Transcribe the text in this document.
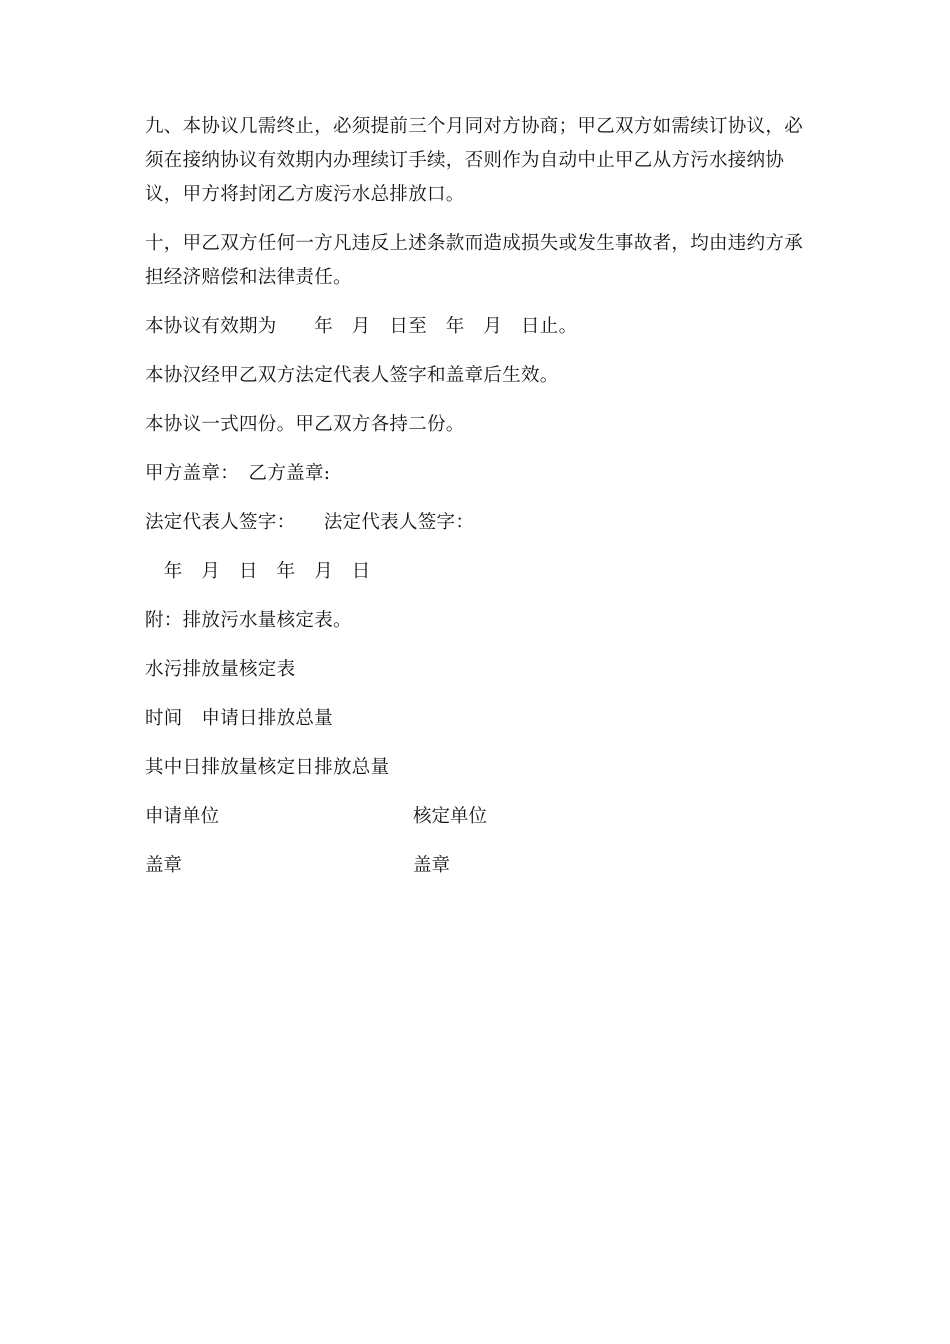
九、本协议几需终止，必须提前三个月同对方协商；甲乙双方如需续订协议，必须在接纳协议有效期内办理续订手续，否则作为自动中止甲乙从方污水接纳协议，甲方将封闭乙方废污水总排放口。

十，甲乙双方任何一方凡违反上述条款而造成损失或发生事故者，均由违约方承担经济赔偿和法律责任。

本协议有效期为　　年　月　日至　年　月　日止。

本协汉经甲乙双方法定代表人签字和盖章后生效。

本协议一式四份。甲乙双方各持二份。

甲方盖章：　乙方盖章:

法定代表人签字：　　法定代表人签字：

　年　月　日　年　月　日

附：排放污水量核定表。

水污排放量核定表

时间　申请日排放总量

其中日排放量核定日排放总量

申请单位	核定单位
盖章	盖章
